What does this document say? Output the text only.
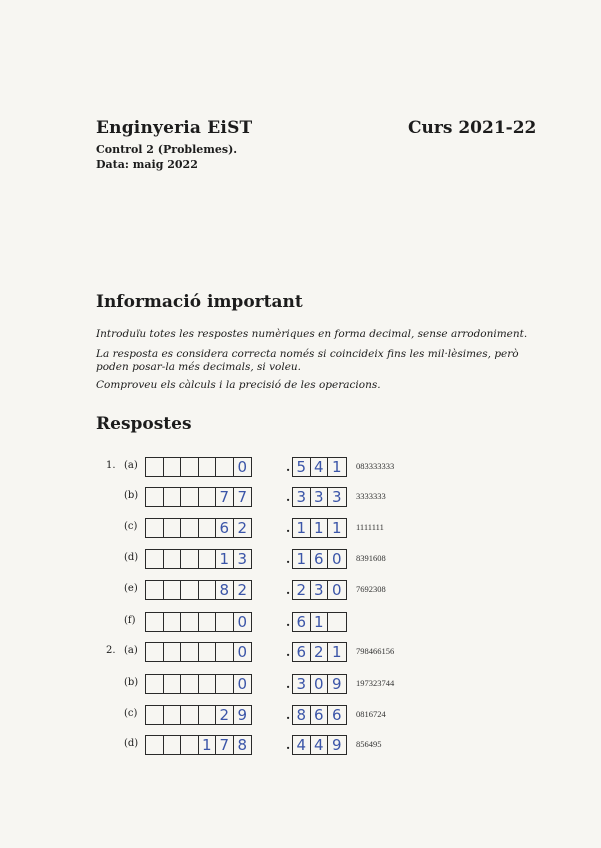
Enginyeria EiST
Control 2 (Problemes).
Data: maig 2022
Curs 2021-22
Informació important
Introduïu totes les respostes numèriques en forma decimal, sense arrodoniment.
La resposta es considera correcta només si coincideix fins les mil·lèsimes, però poden posar-la més decimals, si voleu.
Comproveu els càlculs i la precisió de les operacions.
Respostes
1. (a)	0	· 5 4 1	083333333
(b)	7 7	· 3 3 3	3333333
(c)	6 2	· 1 1 1	1111111
(d)	1 3	· 1 6 0	8391608
(e)	8 2	· 2 3 0	7692308
(f)	0	· 6 1
2. (a)	0	· 6 2 1	798466156
(b)	0	· 3 0 9	197323744
(c)	2 9	· 8 6 6	0816724
(d)	1 7 8	· 4 4 9	856495
